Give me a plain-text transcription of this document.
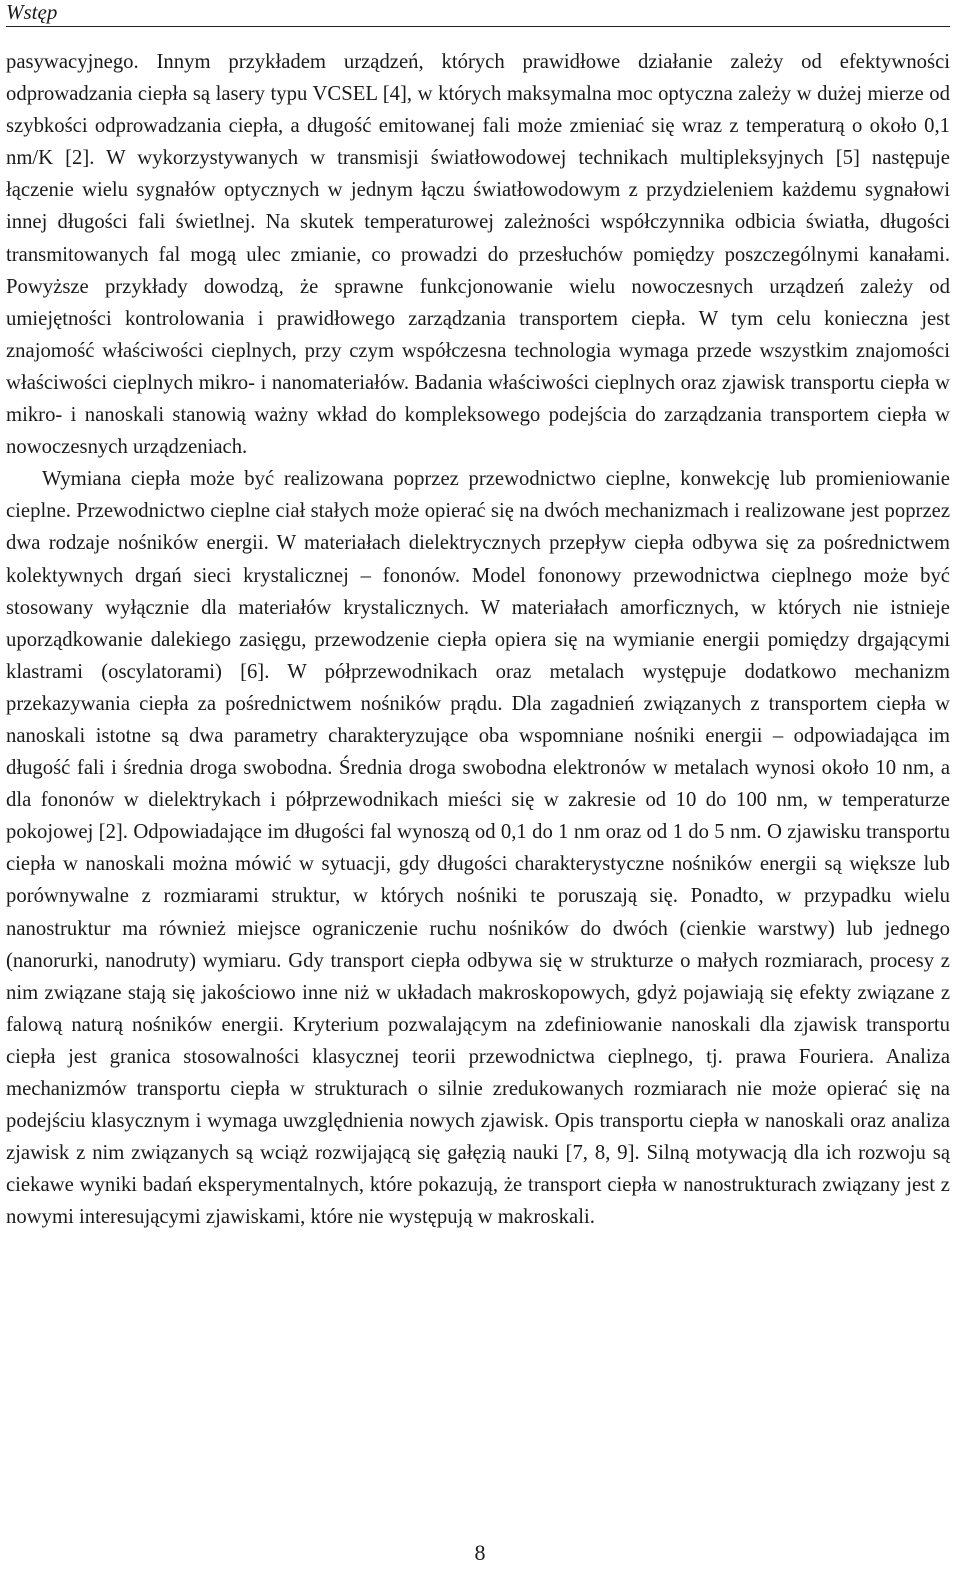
Wstęp

pasywacyjnego. Innym przykładem urządzeń, których prawidłowe działanie zależy od efektywności odprowadzania ciepła są lasery typu VCSEL [4], w których maksymalna moc optyczna zależy w dużej mierze od szybkości odprowadzania ciepła, a długość emitowanej fali może zmieniać się wraz z temperaturą o około 0,1 nm/K [2]. W wykorzystywanych w transmisji światłowodowej technikach multipleksyjnych [5] następuje łączenie wielu sygnałów optycznych w jednym łączu światłowodowym z przydzieleniem każdemu sygnałowi innej długości fali świetlnej. Na skutek temperaturowej zależności współczynnika odbicia światła, długości transmitowanych fal mogą ulec zmianie, co prowadzi do przesłuchów pomiędzy poszczególnymi kanałami. Powyższe przykłady dowodzą, że sprawne funkcjonowanie wielu nowoczesnych urządzeń zależy od umiejętności kontrolowania i prawidłowego zarządzania transportem ciepła. W tym celu konieczna jest znajomość właściwości cieplnych, przy czym współczesna technologia wymaga przede wszystkim znajomości właściwości cieplnych mikro- i nanomateriałów. Badania właściwości cieplnych oraz zjawisk transportu ciepła w mikro- i nanoskali stanowią ważny wkład do kompleksowego podejścia do zarządzania transportem ciepła w nowoczesnych urządzeniach.

Wymiana ciepła może być realizowana poprzez przewodnictwo cieplne, konwekcję lub promieniowanie cieplne. Przewodnictwo cieplne ciał stałych może opierać się na dwóch mechanizmach i realizowane jest poprzez dwa rodzaje nośników energii. W materiałach dielektrycznych przepływ ciepła odbywa się za pośrednictwem kolektywnych drgań sieci krystalicznej – fononów. Model fononowy przewodnictwa cieplnego może być stosowany wyłącznie dla materiałów krystalicznych. W materiałach amorficznych, w których nie istnieje uporządkowanie dalekiego zasięgu, przewodzenie ciepła opiera się na wymianie energii pomiędzy drgającymi klastrami (oscylatorami) [6]. W półprzewodnikach oraz metalach występuje dodatkowo mechanizm przekazywania ciepła za pośrednictwem nośników prądu. Dla zagadnień związanych z transportem ciepła w nanoskali istotne są dwa parametry charakteryzujące oba wspomniane nośniki energii – odpowiadająca im długość fali i średnia droga swobodna. Średnia droga swobodna elektronów w metalach wynosi około 10 nm, a dla fononów w dielektrykach i półprzewodnikach mieści się w zakresie od 10 do 100 nm, w temperaturze pokojowej [2]. Odpowiadające im długości fal wynoszą od 0,1 do 1 nm oraz od 1 do 5 nm. O zjawisku transportu ciepła w nanoskali można mówić w sytuacji, gdy długości charakterystyczne nośników energii są większe lub porównywalne z rozmiarami struktur, w których nośniki te poruszają się. Ponadto, w przypadku wielu nanostruktur ma również miejsce ograniczenie ruchu nośników do dwóch (cienkie warstwy) lub jednego (nanorurki, nanodruty) wymiaru. Gdy transport ciepła odbywa się w strukturze o małych rozmiarach, procesy z nim związane stają się jakościowo inne niż w układach makroskopowych, gdyż pojawiają się efekty związane z falową naturą nośników energii. Kryterium pozwalającym na zdefiniowanie nanoskali dla zjawisk transportu ciepła jest granica stosowalności klasycznej teorii przewodnictwa cieplnego, tj. prawa Fouriera. Analiza mechanizmów transportu ciepła w strukturach o silnie zredukowanych rozmiarach nie może opierać się na podejściu klasycznym i wymaga uwzględnienia nowych zjawisk. Opis transportu ciepła w nanoskali oraz analiza zjawisk z nim związanych są wciąż rozwijającą się gałęzią nauki [7, 8, 9]. Silną motywacją dla ich rozwoju są ciekawe wyniki badań eksperymentalnych, które pokazują, że transport ciepła w nanostrukturach związany jest z nowymi interesującymi zjawiskami, które nie występują w makroskali.

8
